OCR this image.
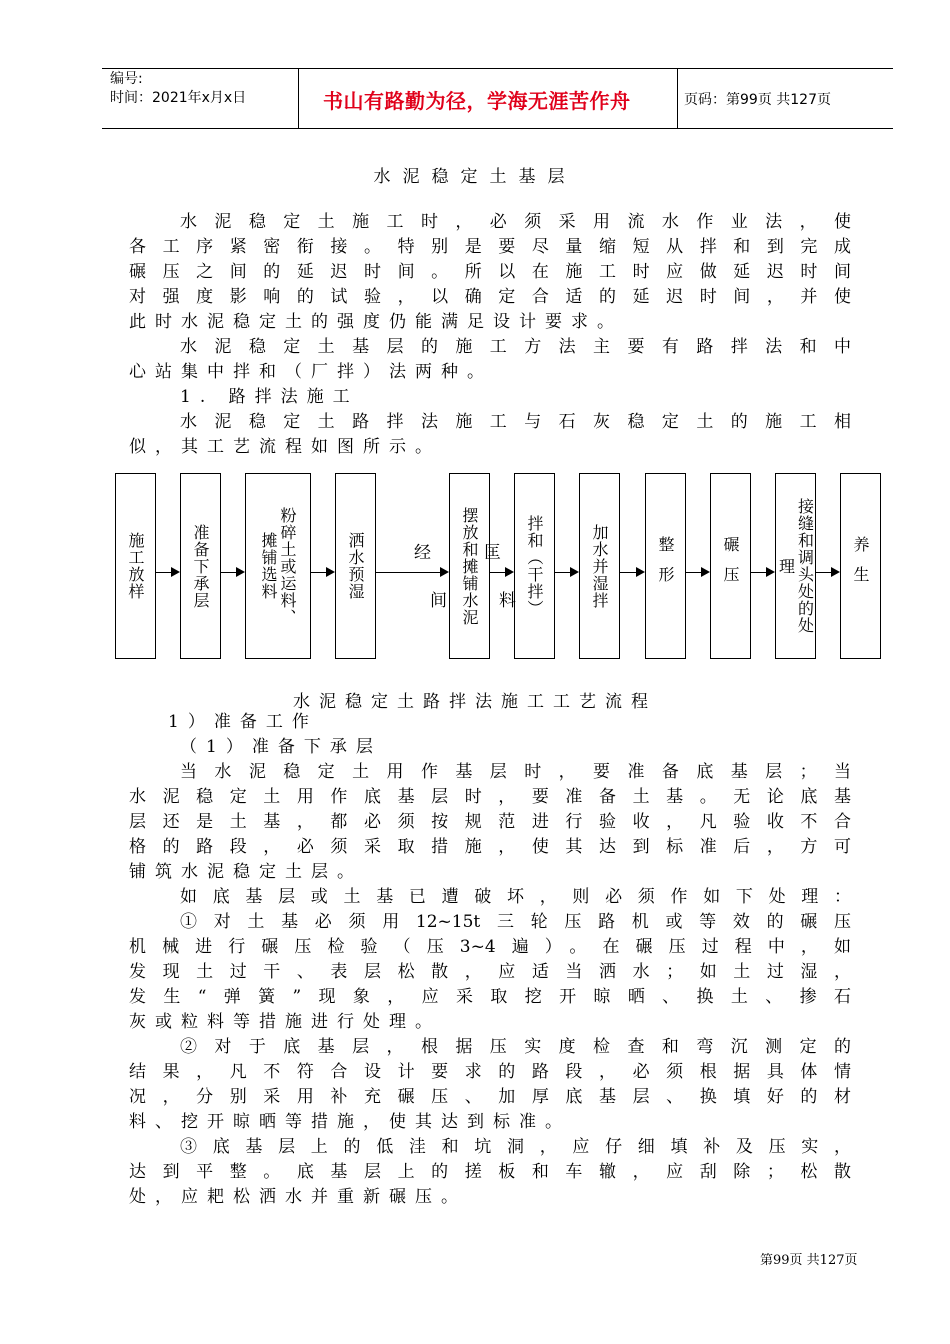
编号:
时间：2021年x月x日	书山有路勤为径，学海无涯苦作舟	页码：第99页 共127页
水泥稳定土基层
水泥稳定土施工时，必须采用流水作业法，使
各工序紧密衔接。特别是要尽量缩短从拌和到完成
碾压之间的延迟时间。所以在施工时应做延迟时间
对强度影响的试验，以确定合适的延迟时间，并使
此时水泥稳定土的强度仍能满足设计要求。
水泥稳定土基层的施工方法主要有路拌法和中
心站集中拌和（厂拌）法两种。
1. 路拌法施工
水泥稳定土路拌法施工与石灰稳定土的施工相
似，其工艺流程如图所示。
施工放样	准备下承层	粉碎土或运料、摊铺选料	洒水预湿	摆放和摊铺水泥	拌和（干拌）	加水并湿拌	整形	碾压	接缝和调头处的处理	养生
经
间
匡
料
水泥稳定土路拌法施工工艺流程
1）准备工作
（1）准备下承层
当水泥稳定土用作基层时，要准备底基层；当
水泥稳定土用作底基层时，要准备土基。无论底基
层还是土基，都必须按规范进行验收，凡验收不合
格的路段，必须采取措施，使其达到标准后，方可
铺筑水泥稳定土层。
如底基层或土基已遭破坏，则必须作如下处理：
①对土基必须用12~15t三轮压路机或等效的碾压
机械进行碾压检验（压3~4遍）。在碾压过程中，如
发现土过干、表层松散，应适当洒水；如土过湿，
发生“弹簧”现象，应采取挖开晾晒、换土、掺石
灰或粒料等措施进行处理。
②对于底基层，根据压实度检查和弯沉测定的
结果，凡不符合设计要求的路段，必须根据具体情
况，分别采用补充碾压、加厚底基层、换填好的材
料、挖开晾晒等措施，使其达到标准。
③底基层上的低洼和坑洞，应仔细填补及压实，
达到平整。底基层上的搓板和车辙，应刮除；松散
处，应耙松洒水并重新碾压。
第99页 共127页
